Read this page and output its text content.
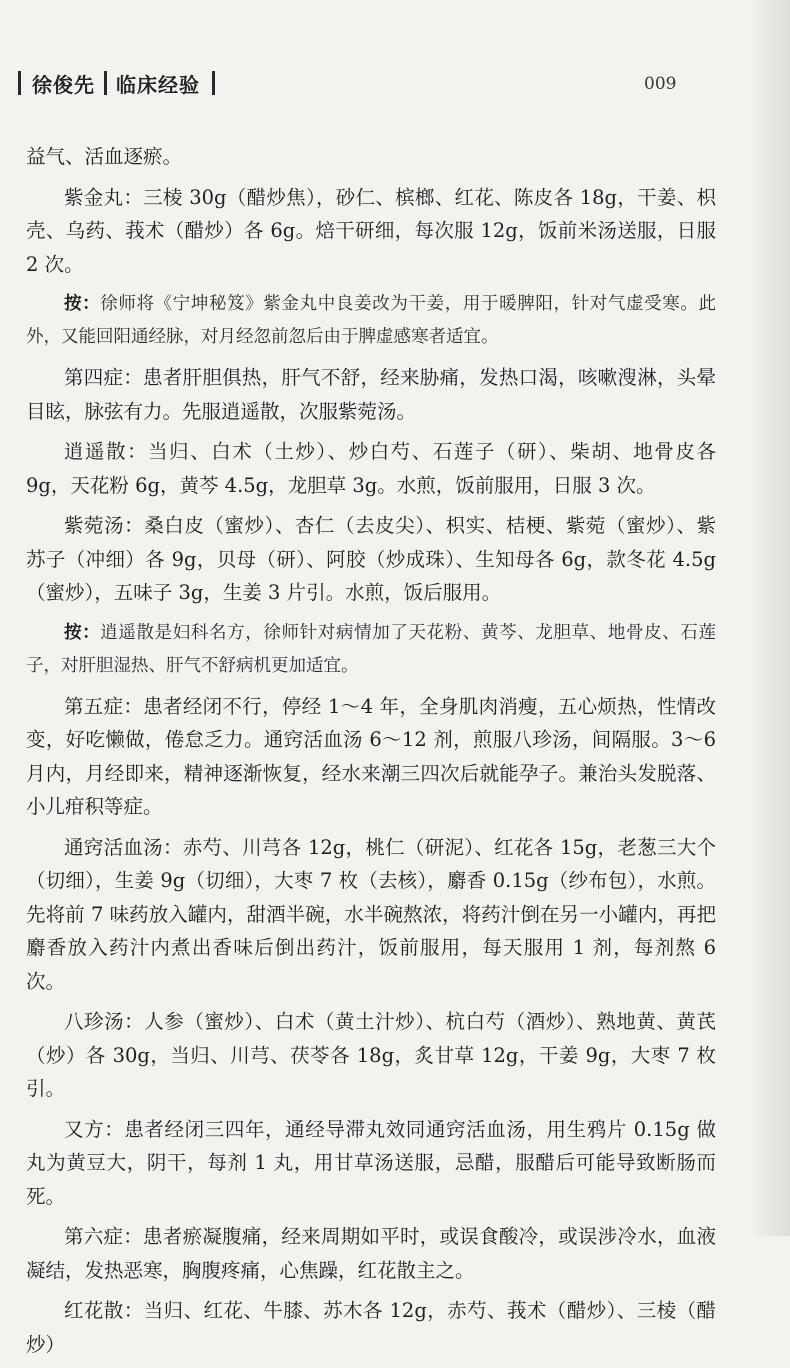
徐俊先 临床经验	009

益气、活血逐瘀。

紫金丸：三棱 30g（醋炒焦），砂仁、槟榔、红花、陈皮各 18g，干姜、枳壳、乌药、莪术（醋炒）各 6g。焙干研细，每次服 12g，饭前米汤送服，日服 2 次。

按：徐师将《宁坤秘笈》紫金丸中良姜改为干姜，用于暖脾阳，针对气虚受寒。此外，又能回阳通经脉，对月经忽前忽后由于脾虚感寒者适宜。

第四症：患者肝胆俱热，肝气不舒，经来胁痛，发热口渴，咳嗽溲淋，头晕目眩，脉弦有力。先服逍遥散，次服紫菀汤。

逍遥散：当归、白术（土炒）、炒白芍、石莲子（研）、柴胡、地骨皮各 9g，天花粉 6g，黄芩 4.5g，龙胆草 3g。水煎，饭前服用，日服 3 次。

紫菀汤：桑白皮（蜜炒）、杏仁（去皮尖）、枳实、桔梗、紫菀（蜜炒）、紫苏子（冲细）各 9g，贝母（研）、阿胶（炒成珠）、生知母各 6g，款冬花 4.5g（蜜炒），五味子 3g，生姜 3 片引。水煎，饭后服用。

按：逍遥散是妇科名方，徐师针对病情加了天花粉、黄芩、龙胆草、地骨皮、石莲子，对肝胆湿热、肝气不舒病机更加适宜。

第五症：患者经闭不行，停经 1～4 年，全身肌肉消瘦，五心烦热，性情改变，好吃懒做，倦怠乏力。通窍活血汤 6～12 剂，煎服八珍汤，间隔服。3～6 月内，月经即来，精神逐渐恢复，经水来潮三四次后就能孕子。兼治头发脱落、小儿疳积等症。

通窍活血汤：赤芍、川芎各 12g，桃仁（研泥）、红花各 15g，老葱三大个（切细），生姜 9g（切细），大枣 7 枚（去核），麝香 0.15g（纱布包），水煎。先将前 7 味药放入罐内，甜酒半碗，水半碗熬浓，将药汁倒在另一小罐内，再把麝香放入药汁内煮出香味后倒出药汁，饭前服用，每天服用 1 剂，每剂熬 6 次。

八珍汤：人参（蜜炒）、白术（黄土汁炒）、杭白芍（酒炒）、熟地黄、黄芪（炒）各 30g，当归、川芎、茯苓各 18g，炙甘草 12g，干姜 9g，大枣 7 枚引。

又方：患者经闭三四年，通经导滞丸效同通窍活血汤，用生鸦片 0.15g 做丸为黄豆大，阴干，每剂 1 丸，用甘草汤送服，忌醋，服醋后可能导致断肠而死。

第六症：患者瘀凝腹痛，经来周期如平时，或误食酸冷，或误涉冷水，血液凝结，发热恶寒，胸腹疼痛，心焦躁，红花散主之。

红花散：当归、红花、牛膝、苏木各 12g，赤芍、莪术（醋炒）、三棱（醋炒）
